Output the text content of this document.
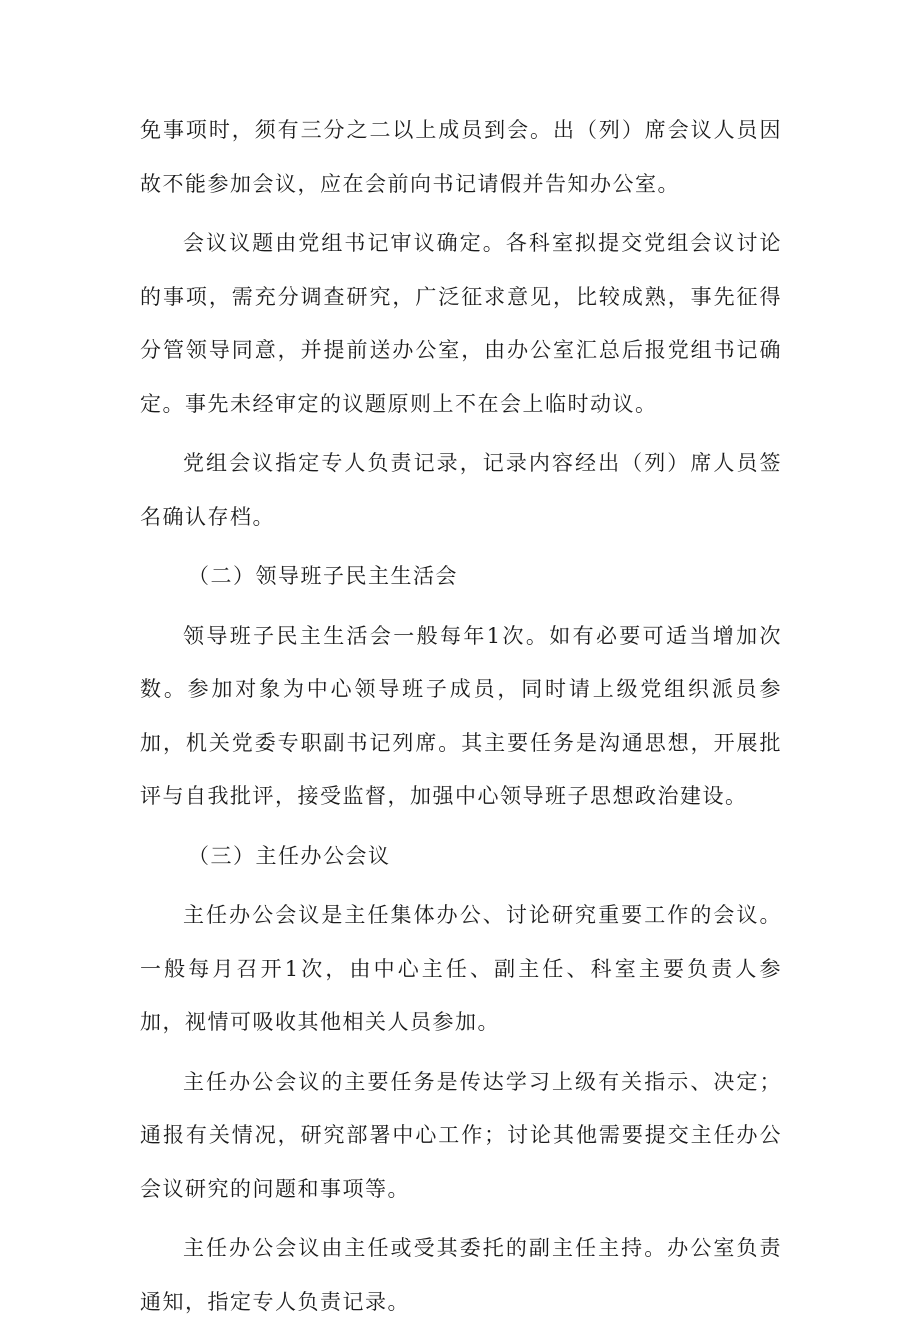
免事项时，须有三分之二以上成员到会。出（列）席会议人员因故不能参加会议，应在会前向书记请假并告知办公室。

会议议题由党组书记审议确定。各科室拟提交党组会议讨论的事项，需充分调查研究，广泛征求意见，比较成熟，事先征得分管领导同意，并提前送办公室，由办公室汇总后报党组书记确定。事先未经审定的议题原则上不在会上临时动议。

党组会议指定专人负责记录，记录内容经出（列）席人员签名确认存档。

（二）领导班子民主生活会

领导班子民主生活会一般每年1次。如有必要可适当增加次数。参加对象为中心领导班子成员，同时请上级党组织派员参加，机关党委专职副书记列席。其主要任务是沟通思想，开展批评与自我批评，接受监督，加强中心领导班子思想政治建设。

（三）主任办公会议

主任办公会议是主任集体办公、讨论研究重要工作的会议。一般每月召开1次，由中心主任、副主任、科室主要负责人参加，视情可吸收其他相关人员参加。

主任办公会议的主要任务是传达学习上级有关指示、决定；通报有关情况，研究部署中心工作；讨论其他需要提交主任办公会议研究的问题和事项等。

主任办公会议由主任或受其委托的副主任主持。办公室负责通知，指定专人负责记录。
